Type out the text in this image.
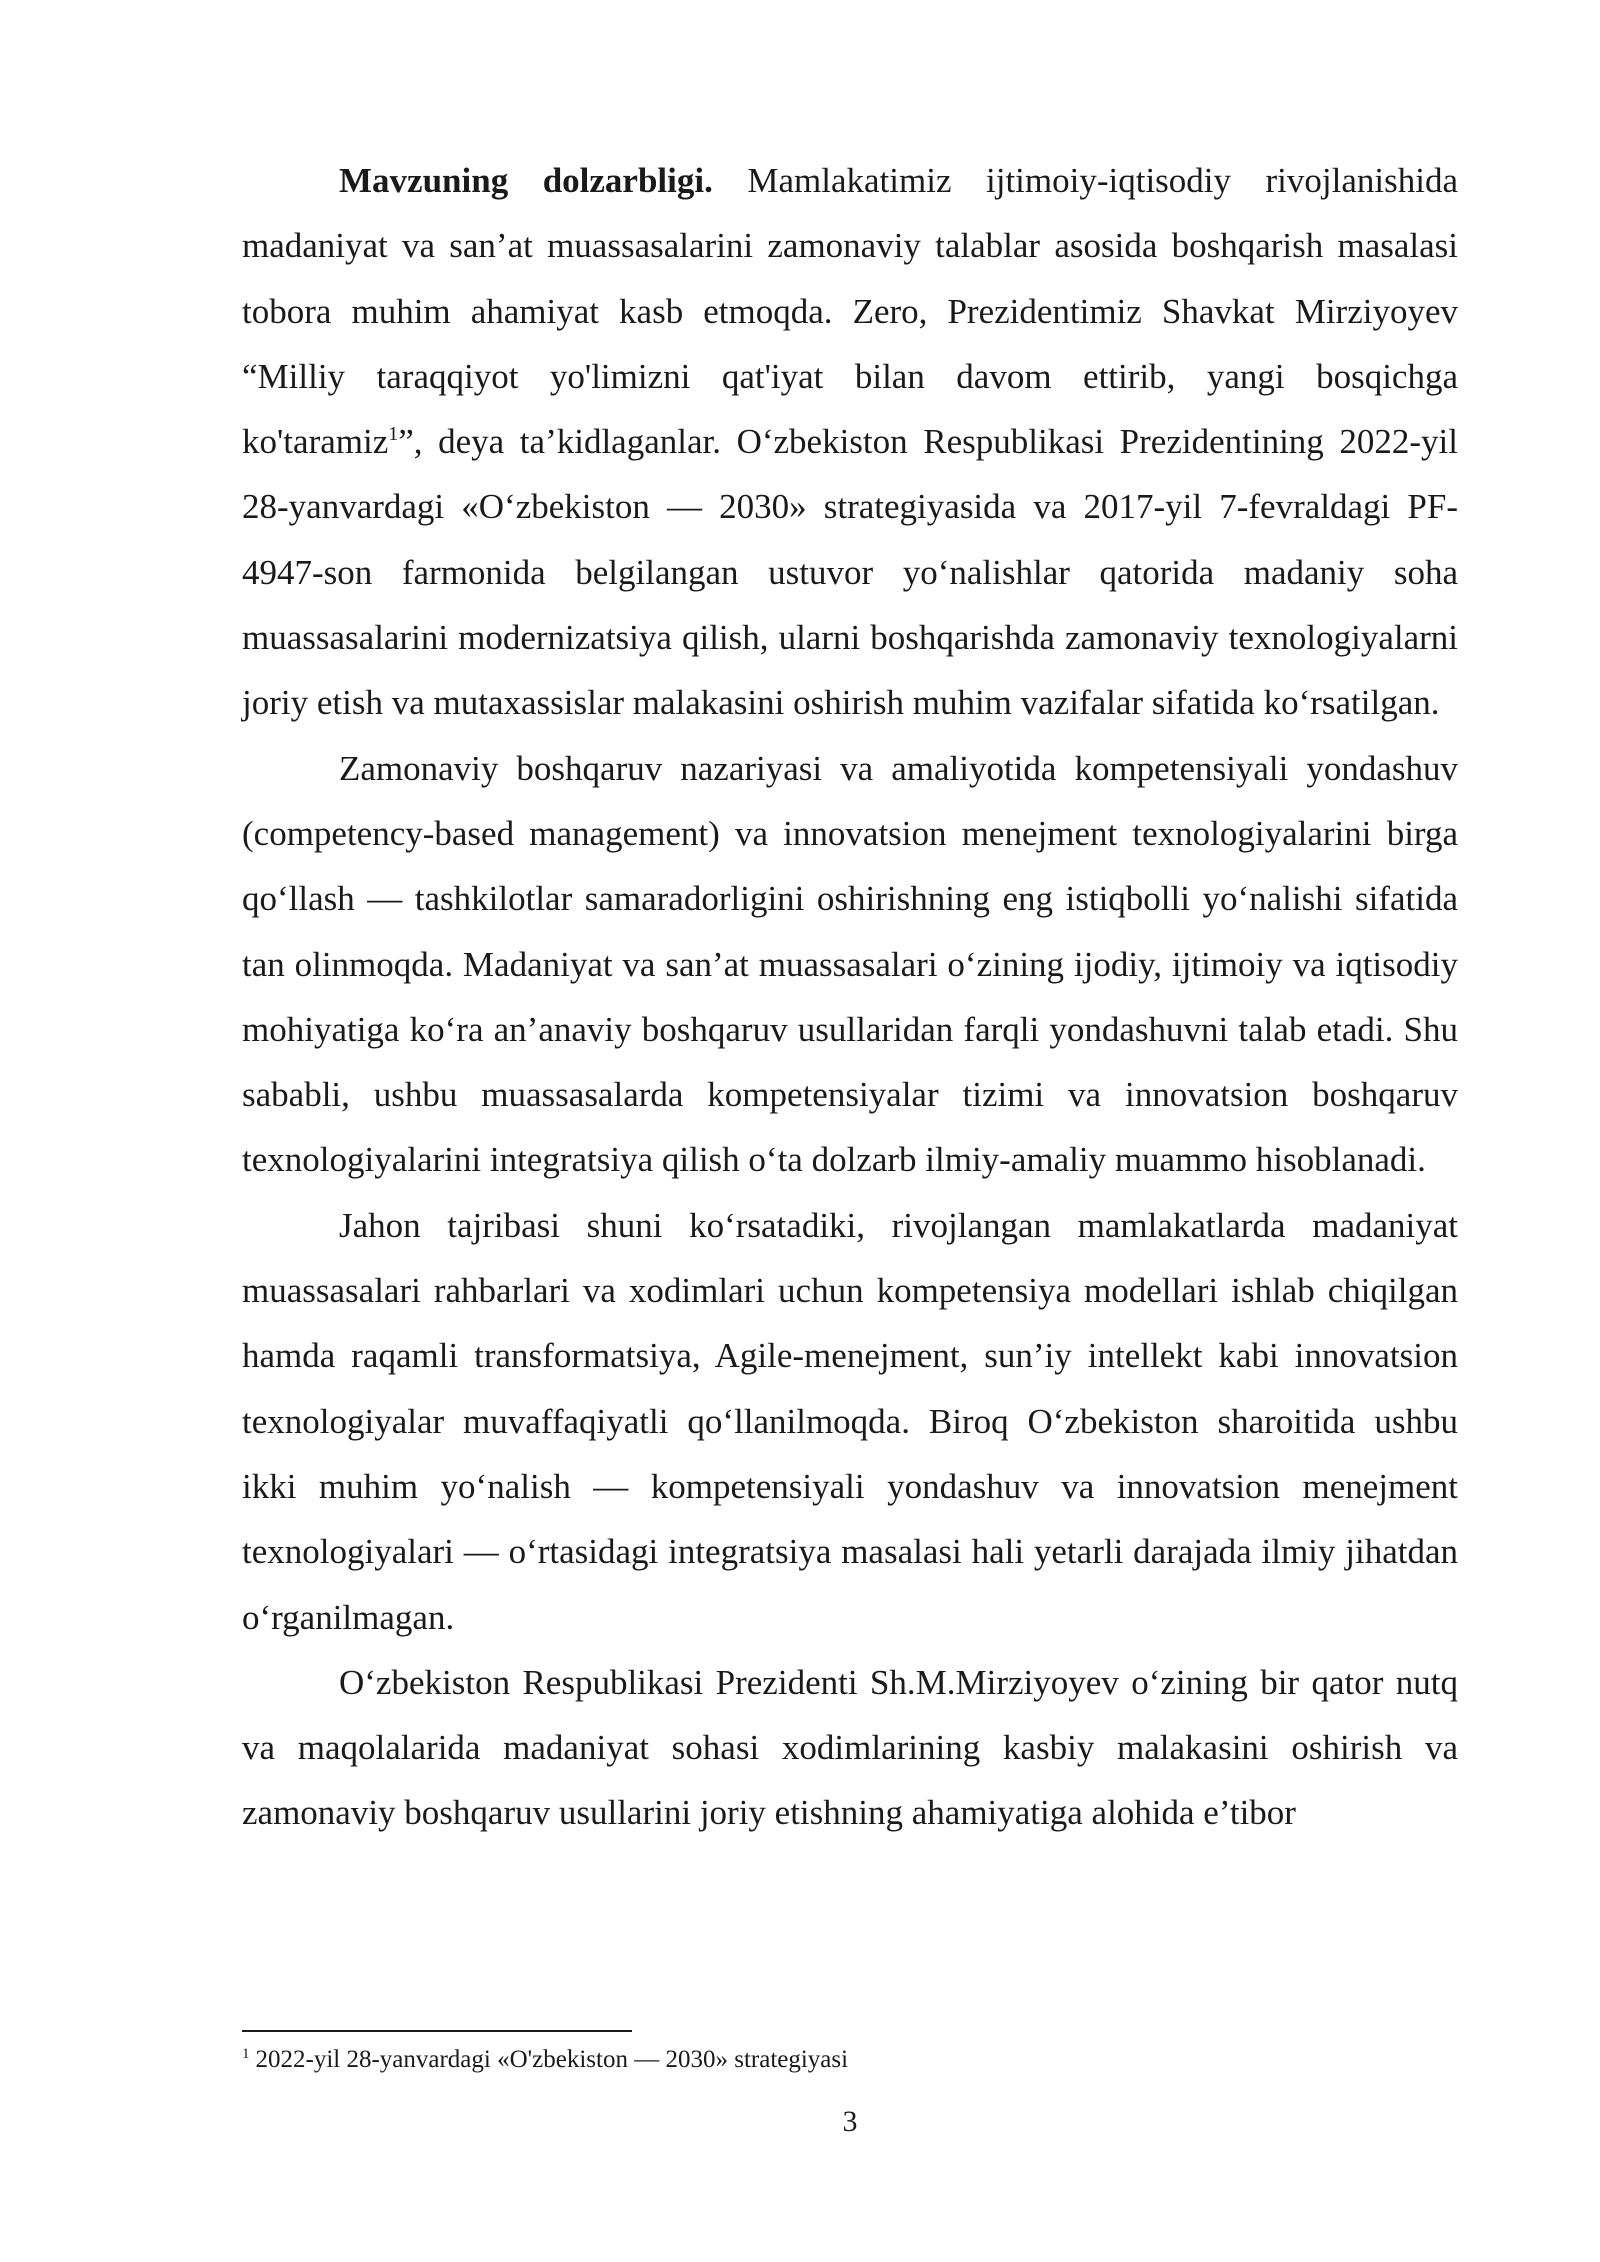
Mavzuning dolzarbligi. Mamlakatimiz ijtimoiy-iqtisodiy rivojlanishida madaniyat va san’at muassasalarini zamonaviy talablar asosida boshqarish masalasi tobora muhim ahamiyat kasb etmoqda. Zero, Prezidentimiz Shavkat Mirziyoyev “Milliy taraqqiyot yo'limizni qat'iyat bilan davom ettirib, yangi bosqichga ko'taramiz$^1$”, deya ta’kidlaganlar. O‘zbekiston Respublikasi Prezidentining 2022-yil 28-yanvardagi «O‘zbekiston — 2030» strategiyasida va 2017-yil 7-fevraldagi PF-4947-son farmonida belgilangan ustuvor yo‘nalishlar qatorida madaniy soha muassasalarini modernizatsiya qilish, ularni boshqarishda zamonaviy texnologiyalarni joriy etish va mutaxassislar malakasini oshirish muhim vazifalar sifatida ko‘rsatilgan.

Zamonaviy boshqaruv nazariyasi va amaliyotida kompetensiyali yondashuv (competency-based management) va innovatsion menejment texnologiyalarini birga qo‘llash — tashkilotlar samaradorligini oshirishning eng istiqbolli yo‘nalishi sifatida tan olinmoqda. Madaniyat va san’at muassasalari o‘zining ijodiy, ijtimoiy va iqtisodiy mohiyatiga ko‘ra an’anaviy boshqaruv usullaridan farqli yondashuvni talab etadi. Shu sababli, ushbu muassasalarda kompetensiyalar tizimi va innovatsion boshqaruv texnologiyalarini integratsiya qilish o‘ta dolzarb ilmiy-amaliy muammo hisoblanadi.

Jahon tajribasi shuni ko‘rsatadiki, rivojlangan mamlakatlarda madaniyat muassasalari rahbarlari va xodimlari uchun kompetensiya modellari ishlab chiqilgan hamda raqamli transformatsiya, Agile-menejment, sun’iy intellekt kabi innovatsion texnologiyalar muvaffaqiyatli qo‘llanilmoqda. Biroq O‘zbekiston sharoitida ushbu ikki muhim yo‘nalish — kompetensiyali yondashuv va innovatsion menejment texnologiyalari — o‘rtasidagi integratsiya masalasi hali yetarli darajada ilmiy jihatdan o‘rganilmagan.

O‘zbekiston Respublikasi Prezidenti Sh.M.Mirziyoyev o‘zining bir qator nutq va maqolalarida madaniyat sohasi xodimlarining kasbiy malakasini oshirish va zamonaviy boshqaruv usullarini joriy etishning ahamiyatiga alohida e’tibor

$^1$ 2022-yil 28-yanvardagi «O'zbekiston — 2030» strategiyasi
3
